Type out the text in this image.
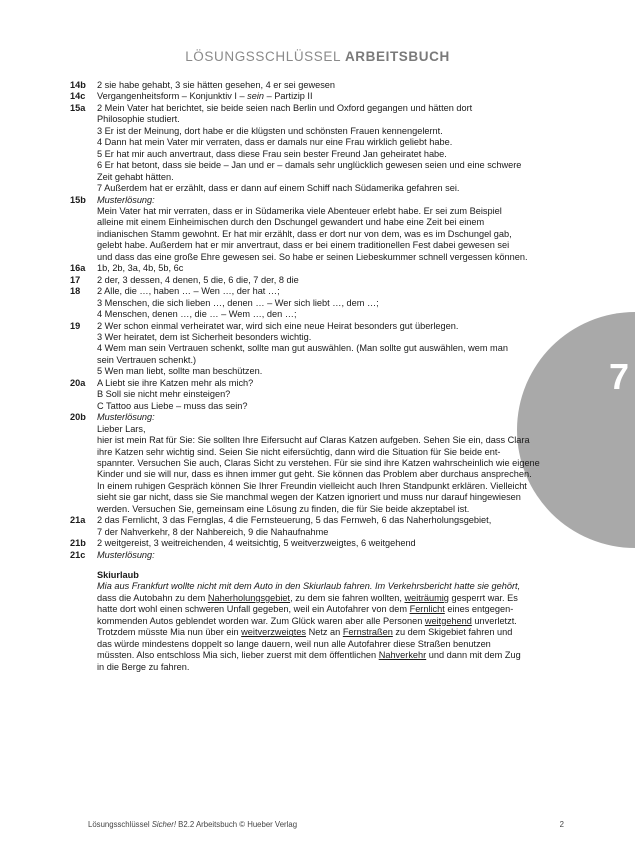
LÖSUNGSSCHLÜSSEL ARBEITSBUCH
7
14b	2 sie habe gehabt, 3 sie hätten gesehen, 4 er sei gewesen
14c	Vergangenheitsform – Konjunktiv I – sein – Partizip II
15a	2 Mein Vater hat berichtet, sie beide seien nach Berlin und Oxford gegangen und hätten dort
Philosophie studiert.
3 Er ist der Meinung, dort habe er die klügsten und schönsten Frauen kennengelernt.
4 Dann hat mein Vater mir verraten, dass er damals nur eine Frau wirklich geliebt habe.
5 Er hat mir auch anvertraut, dass diese Frau sein bester Freund Jan geheiratet habe.
6 Er hat betont, dass sie beide – Jan und er – damals sehr unglücklich gewesen seien und eine schwere
Zeit gehabt hätten.
7 Außerdem hat er erzählt, dass er dann auf einem Schiff nach Südamerika gefahren sei.
15b	Musterlösung:
Mein Vater hat mir verraten, dass er in Südamerika viele Abenteuer erlebt habe. Er sei zum Beispiel
alleine mit einem Einheimischen durch den Dschungel gewandert und habe eine Zeit bei einem
indianischen Stamm gewohnt. Er hat mir erzählt, dass er dort nur von dem, was es im Dschungel gab,
gelebt habe. Außerdem hat er mir anvertraut, dass er bei einem traditionellen Fest dabei gewesen sei
und dass das eine große Ehre gewesen sei. So habe er seinen Liebeskummer schnell vergessen können.
16a	1b, 2b, 3a, 4b, 5b, 6c
17	2 der, 3 dessen, 4 denen, 5 die, 6 die, 7 der, 8 die
18	2 Alle, die …, haben … – Wen …, der hat …;
3 Menschen, die sich lieben …, denen … – Wer sich liebt …, dem …;
4 Menschen, denen …, die … – Wem …, den …;
19	2 Wer schon einmal verheiratet war, wird sich eine neue Heirat besonders gut überlegen.
3 Wer heiratet, dem ist Sicherheit besonders wichtig.
4 Wem man sein Vertrauen schenkt, sollte man gut auswählen. (Man sollte gut auswählen, wem man
sein Vertrauen schenkt.)
5 Wen man liebt, sollte man beschützen.
20a	A Liebt sie ihre Katzen mehr als mich?
B Soll sie nicht mehr einsteigen?
C Tattoo aus Liebe – muss das sein?
20b	Musterlösung:
Lieber Lars,
hier ist mein Rat für Sie: Sie sollten Ihre Eifersucht auf Claras Katzen aufgeben. Sehen Sie ein, dass Clara
ihre Katzen sehr wichtig sind. Seien Sie nicht eifersüchtig, dann wird die Situation für Sie beide ent-
spannter. Versuchen Sie auch, Claras Sicht zu verstehen. Für sie sind ihre Katzen wahrscheinlich wie eigene
Kinder und sie will nur, dass es ihnen immer gut geht. Sie können das Problem aber durchaus ansprechen.
In einem ruhigen Gespräch können Sie Ihrer Freundin vielleicht auch Ihren Standpunkt erklären. Vielleicht
sieht sie gar nicht, dass sie Sie manchmal wegen der Katzen ignoriert und muss nur darauf hingewiesen
werden. Versuchen Sie, gemeinsam eine Lösung zu finden, die für Sie beide akzeptabel ist.
21a	2 das Fernlicht, 3 das Fernglas, 4 die Fernsteuerung, 5 das Fernweh, 6 das Naherholungsgebiet,
7 der Nahverkehr, 8 der Nahbereich, 9 die Nahaufnahme
21b	2 weitgereist, 3 weitreichenden, 4 weitsichtig, 5 weitverzweigtes, 6 weitgehend
21c	Musterlösung:
Skiurlaub
Mia aus Frankfurt wollte nicht mit dem Auto in den Skiurlaub fahren. Im Verkehrsbericht hatte sie gehört,
dass die Autobahn zu dem Naherholungsgebiet, zu dem sie fahren wollten, weiträumig gesperrt war. Es
hatte dort wohl einen schweren Unfall gegeben, weil ein Autofahrer von dem Fernlicht eines entgegen-
kommenden Autos geblendet worden war. Zum Glück waren aber alle Personen weitgehend unverletzt.
Trotzdem müsste Mia nun über ein weitverzweigtes Netz an Fernstraßen zu dem Skigebiet fahren und
das würde mindestens doppelt so lange dauern, weil nun alle Autofahrer diese Straßen benutzen
müssten. Also entschloss Mia sich, lieber zuerst mit dem öffentlichen Nahverkehr und dann mit dem Zug
in die Berge zu fahren.
Lösungsschlüssel Sicher! B2.2 Arbeitsbuch © Hueber Verlag	2
